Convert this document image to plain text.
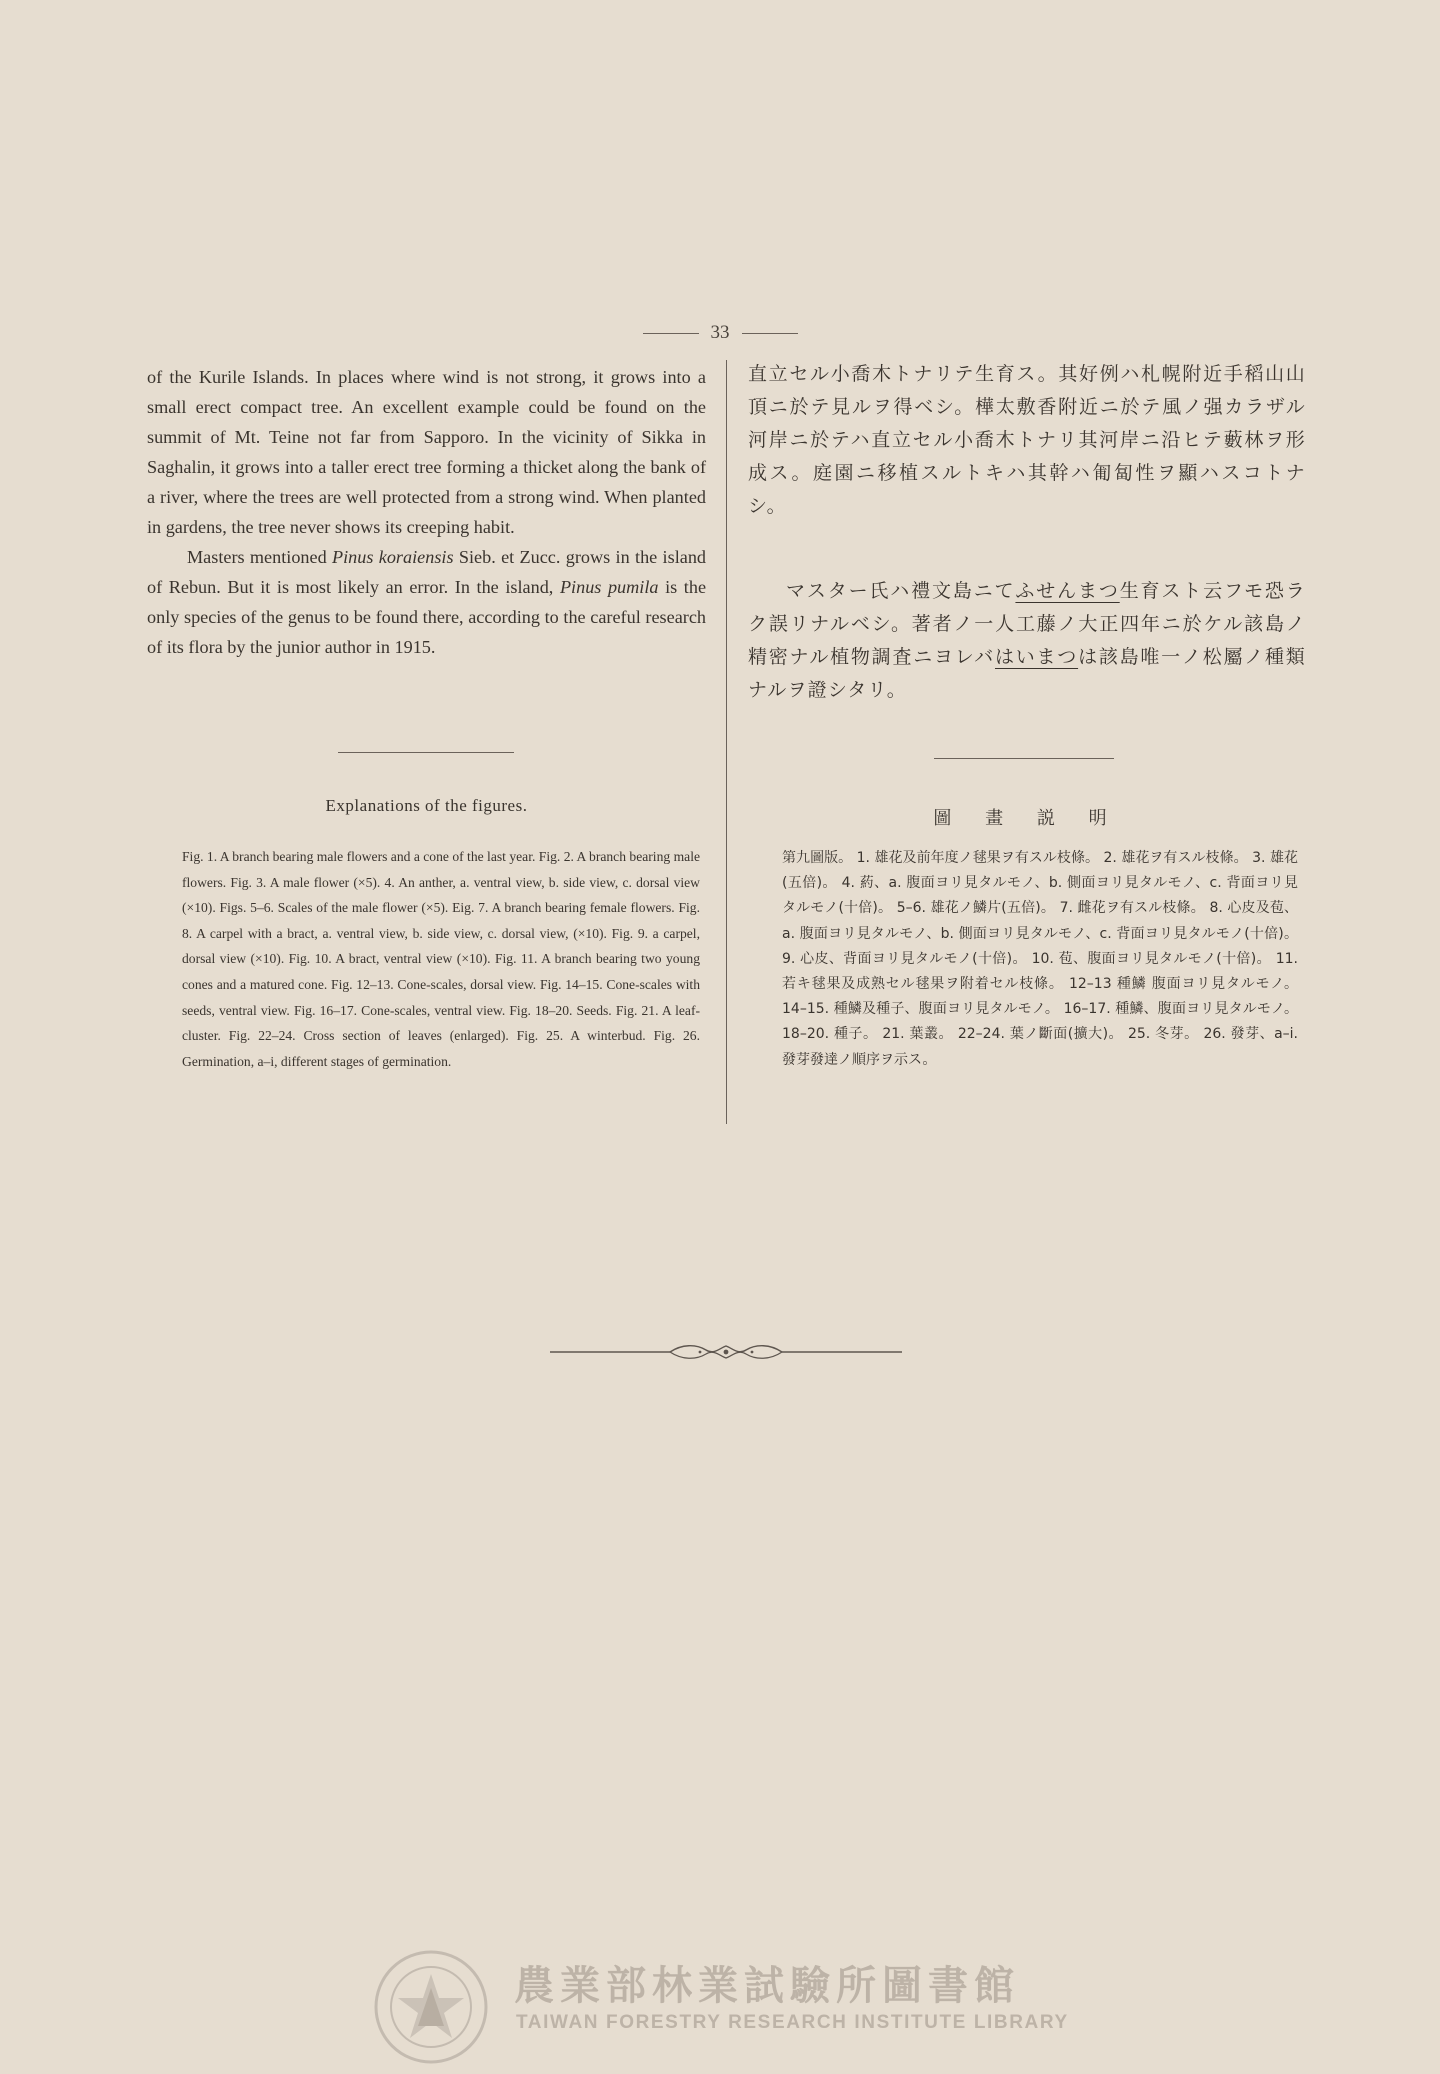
33

of the Kurile Islands. In places where wind is not strong, it grows into a small erect compact tree. An excellent example could be found on the summit of Mt. Teine not far from Sapporo. In the vicinity of Sikka in Saghalin, it grows into a taller erect tree forming a thicket along the bank of a river, where the trees are well protected from a strong wind. When planted in gardens, the tree never shows its creeping habit.

Masters mentioned Pinus koraiensis Sieb. et Zucc. grows in the island of Rebun. But it is most likely an error. In the island, Pinus pumila is the only species of the genus to be found there, according to the careful research of its flora by the junior author in 1915.

Explanations of the figures.

Fig. 1. A branch bearing male flowers and a cone of the last year. Fig. 2. A branch bearing male flowers. Fig. 3. A male flower (×5). 4. An anther, a. ventral view, b. side view, c. dorsal view (×10). Figs. 5–6. Scales of the male flower (×5). Eig. 7. A branch bearing female flowers. Fig. 8. A carpel with a bract, a. ventral view, b. side view, c. dorsal view, (×10). Fig. 9. a carpel, dorsal view (×10). Fig. 10. A bract, ventral view (×10). Fig. 11. A branch bearing two young cones and a matured cone. Fig. 12–13. Cone-scales, dorsal view. Fig. 14–15. Cone-scales with seeds, ventral view. Fig. 16–17. Cone-scales, ventral view. Fig. 18–20. Seeds. Fig. 21. A leaf-cluster. Fig. 22–24. Cross section of leaves (enlarged). Fig. 25. A winterbud. Fig. 26. Germination, a–i, different stages of germination.

直立セル小喬木トナリテ生育ス。其好例ハ札幌附近手稻山山頂ニ於テ見ルヲ得ベシ。樺太敷香附近ニ於テ風ノ强カラザル河岸ニ於テハ直立セル小喬木トナリ其河岸ニ沿ヒテ藪林ヲ形成ス。庭園ニ移植スルトキハ其幹ハ匍匐性ヲ顯ハスコトナシ。

マスター氏ハ禮文島ニてふせんまつ生育スト云フモ恐ラク誤リナルベシ。著者ノ一人工藤ノ大正四年ニ於ケル該島ノ精密ナル植物調査ニヨレバはいまつは該島唯一ノ松屬ノ種類ナルヲ證シタリ。

圖 畫 説 明

第九圖版。 1. 雄花及前年度ノ毬果ヲ有スル枝條。 2. 雄花ヲ有スル枝條。 3. 雄花(五倍)。 4. 葯、a. 腹面ヨリ見タルモノ、b. 側面ヨリ見タルモノ、c. 背面ヨリ見タルモノ(十倍)。 5–6. 雄花ノ鱗片(五倍)。 7. 雌花ヲ有スル枝條。 8. 心皮及苞、a. 腹面ヨリ見タルモノ、b. 側面ヨリ見タルモノ、c. 背面ヨリ見タルモノ(十倍)。 9. 心皮、背面ヨリ見タルモノ(十倍)。 10. 苞、腹面ヨリ見タルモノ(十倍)。 11. 若キ毬果及成熟セル毬果ヲ附着セル枝條。 12–13 種鱗 腹面ヨリ見タルモノ。 14–15. 種鱗及種子、腹面ヨリ見タルモノ。 16–17. 種鱗、腹面ヨリ見タルモノ。 18–20. 種子。 21. 葉叢。 22–24. 葉ノ斷面(擴大)。 25. 冬芽。 26. 發芽、a–i. 發芽發達ノ順序ヲ示ス。

農業部林業試驗所圖書館
TAIWAN FORESTRY RESEARCH INSTITUTE LIBRARY
